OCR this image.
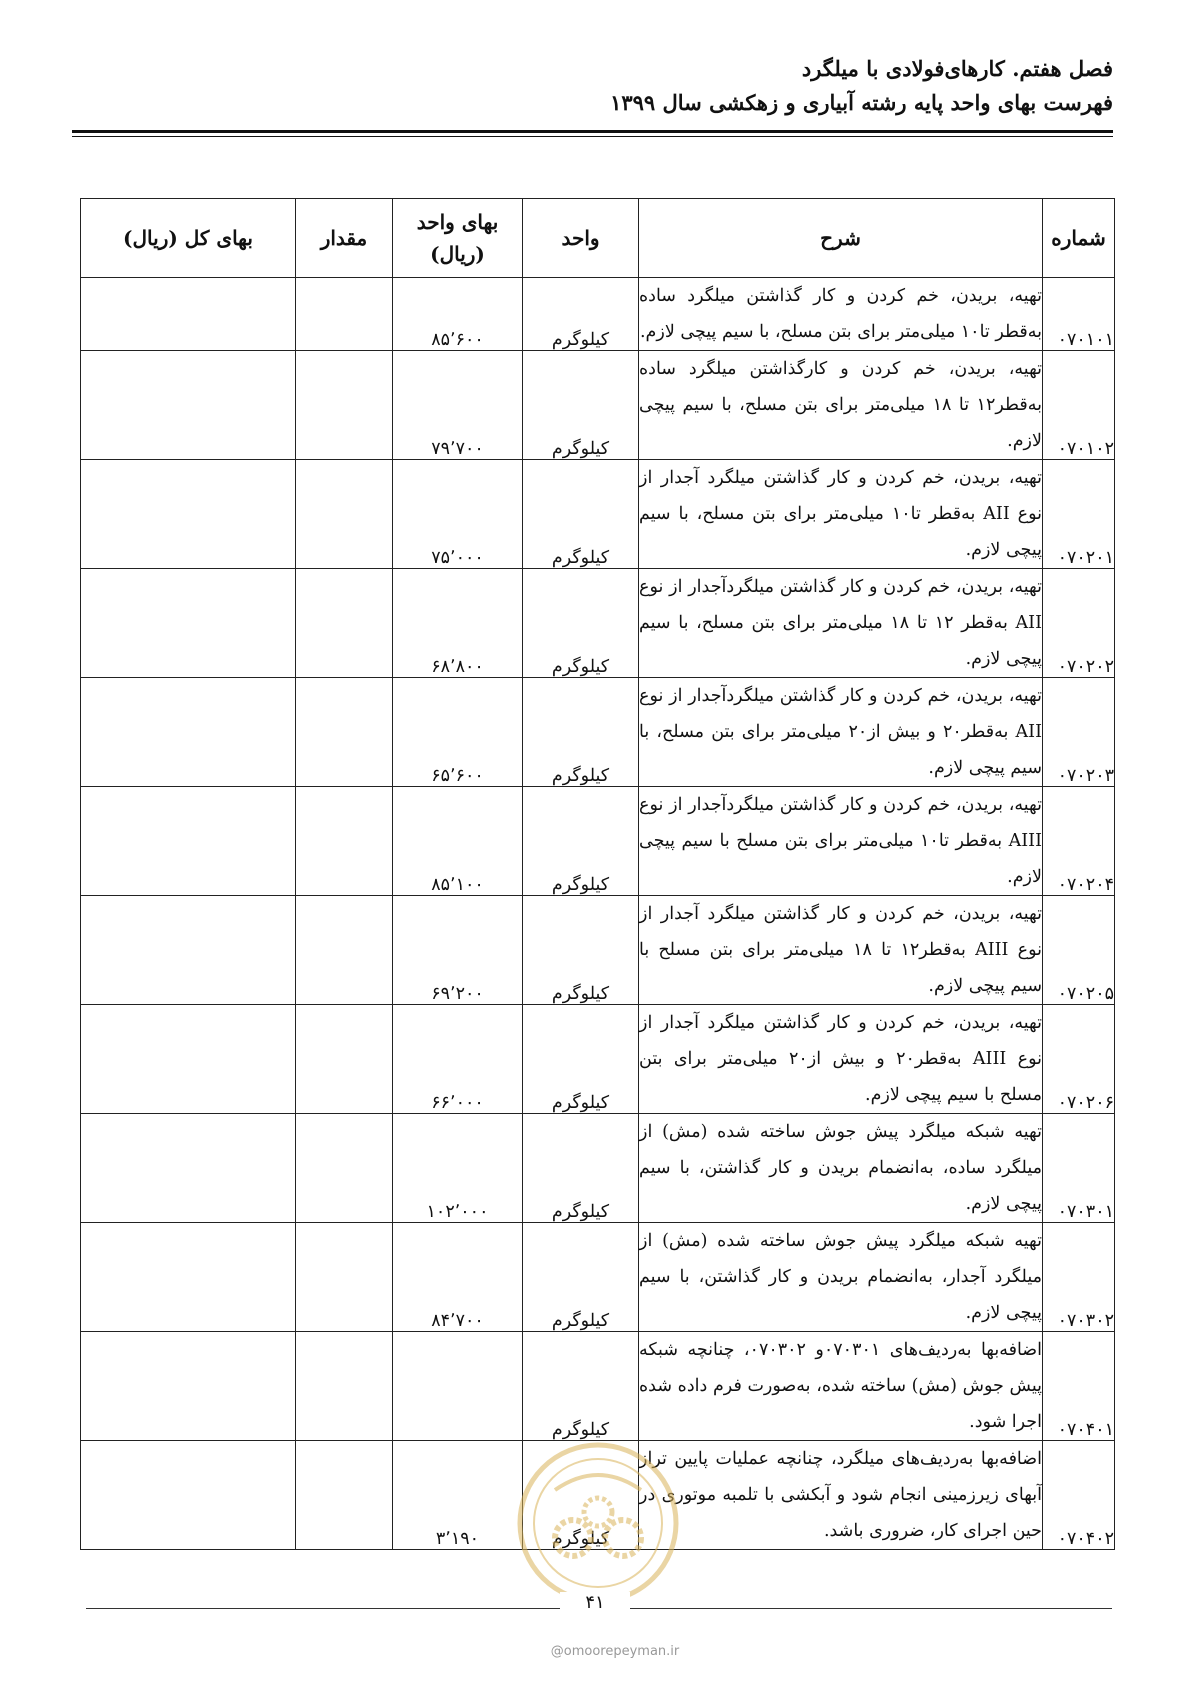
فصل هفتم. کارهای‌فولادی با میلگرد
فهرست بهای واحد پایه رشته آبیاری و زهکشی سال ۱۳۹۹
شماره	شرح	واحد	بهای واحد
(ریال)	مقدار	بهای کل (ریال)
۰۷۰۱۰۱	تهیه، بریدن، خم کردن و کار گذاشتن میلگرد ساده به‌قطر تا۱۰ میلی‌متر برای بتن مسلح، با سیم پیچی لازم.	کیلوگرم	۸۵٬۶۰۰		
۰۷۰۱۰۲	تهیه، بریدن، خم کردن و کارگذاشتن میلگرد ساده به‌قطر۱۲ تا ۱۸ میلی‌متر برای بتن مسلح، با سیم پیچی لازم.	کیلوگرم	۷۹٬۷۰۰		
۰۷۰۲۰۱	تهیه، بریدن، خم کردن و کار گذاشتن میلگرد آجدار از نوع AII به‌قطر تا۱۰ میلی‌متر برای بتن مسلح، با سیم پیچی لازم.	کیلوگرم	۷۵٬۰۰۰		
۰۷۰۲۰۲	تهیه، بریدن، خم کردن و کار گذاشتن میلگردآجدار از نوع AII به‌قطر ۱۲ تا ۱۸ میلی‌متر برای بتن مسلح، با سیم پیچی لازم.	کیلوگرم	۶۸٬۸۰۰		
۰۷۰۲۰۳	تهیه، بریدن، خم کردن و کار گذاشتن میلگردآجدار از نوع AII به‌قطر۲۰ و بیش از۲۰ میلی‌متر برای بتن مسلح، با سیم پیچی لازم.	کیلوگرم	۶۵٬۶۰۰		
۰۷۰۲۰۴	تهیه، بریدن، خم کردن و کار گذاشتن میلگردآجدار از نوع AIII به‌قطر تا۱۰ میلی‌متر برای بتن مسلح با سیم پیچی لازم.	کیلوگرم	۸۵٬۱۰۰		
۰۷۰۲۰۵	تهیه، بریدن، خم کردن و کار گذاشتن میلگرد آجدار از نوع AIII به‌قطر۱۲ تا ۱۸ میلی‌متر برای بتن مسلح با سیم پیچی لازم.	کیلوگرم	۶۹٬۲۰۰		
۰۷۰۲۰۶	تهیه، بریدن، خم کردن و کار گذاشتن میلگرد آجدار از نوع AIII به‌قطر۲۰ و بیش از۲۰ میلی‌متر برای بتن مسلح با سیم پیچی لازم.	کیلوگرم	۶۶٬۰۰۰		
۰۷۰۳۰۱	تهیه شبکه میلگرد پیش جوش ساخته شده (مش) از میلگرد ساده، به‌انضمام بریدن و کار گذاشتن، با سیم پیچی لازم.	کیلوگرم	۱۰۲٬۰۰۰		
۰۷۰۳۰۲	تهیه شبکه میلگرد پیش جوش ساخته شده (مش) از میلگرد آجدار، به‌انضمام بریدن و کار گذاشتن، با سیم پیچی لازم.	کیلوگرم	۸۴٬۷۰۰		
۰۷۰۴۰۱	اضافه‌بها به‌ردیف‌های ۰۷۰۳۰۱و ۰۷۰۳۰۲، چنانچه شبکه پیش جوش (مش) ساخته شده، به‌صورت فرم داده شده اجرا شود.	کیلوگرم			
۰۷۰۴۰۲	اضافه‌بها به‌ردیف‌های میلگرد، چنانچه عملیات پایین تراز آبهای زیرزمینی انجام شود و آبکشی با تلمبه موتوری در حین اجرای کار، ضروری باشد.	کیلوگرم	۳٬۱۹۰		
۴۱
@omoorepeyman.ir
